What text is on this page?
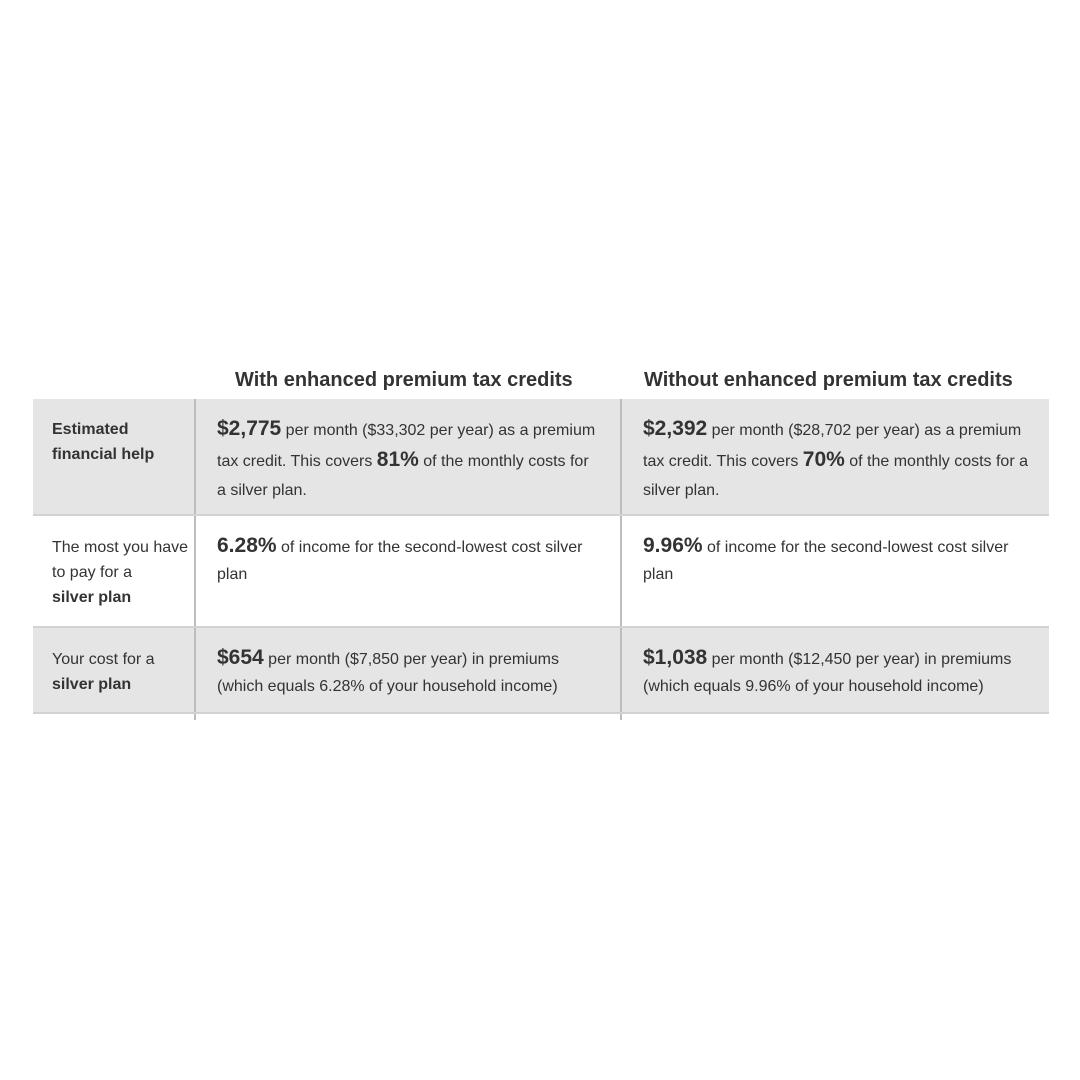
With enhanced premium tax credits	Without enhanced premium tax credits
Estimated
financial help
$2,775 per month ($33,302 per year) as a premium tax credit. This covers 81% of the monthly costs for a silver plan.
$2,392 per month ($28,702 per year) as a premium tax credit. This covers 70% of the monthly costs for a silver plan.
The most you have to pay for a
silver plan
6.28% of income for the second-lowest cost silver plan
9.96% of income for the second-lowest cost silver plan
Your cost for a
silver plan
$654 per month ($7,850 per year) in premiums (which equals 6.28% of your household income)
$1,038 per month ($12,450 per year) in premiums (which equals 9.96% of your household income)
